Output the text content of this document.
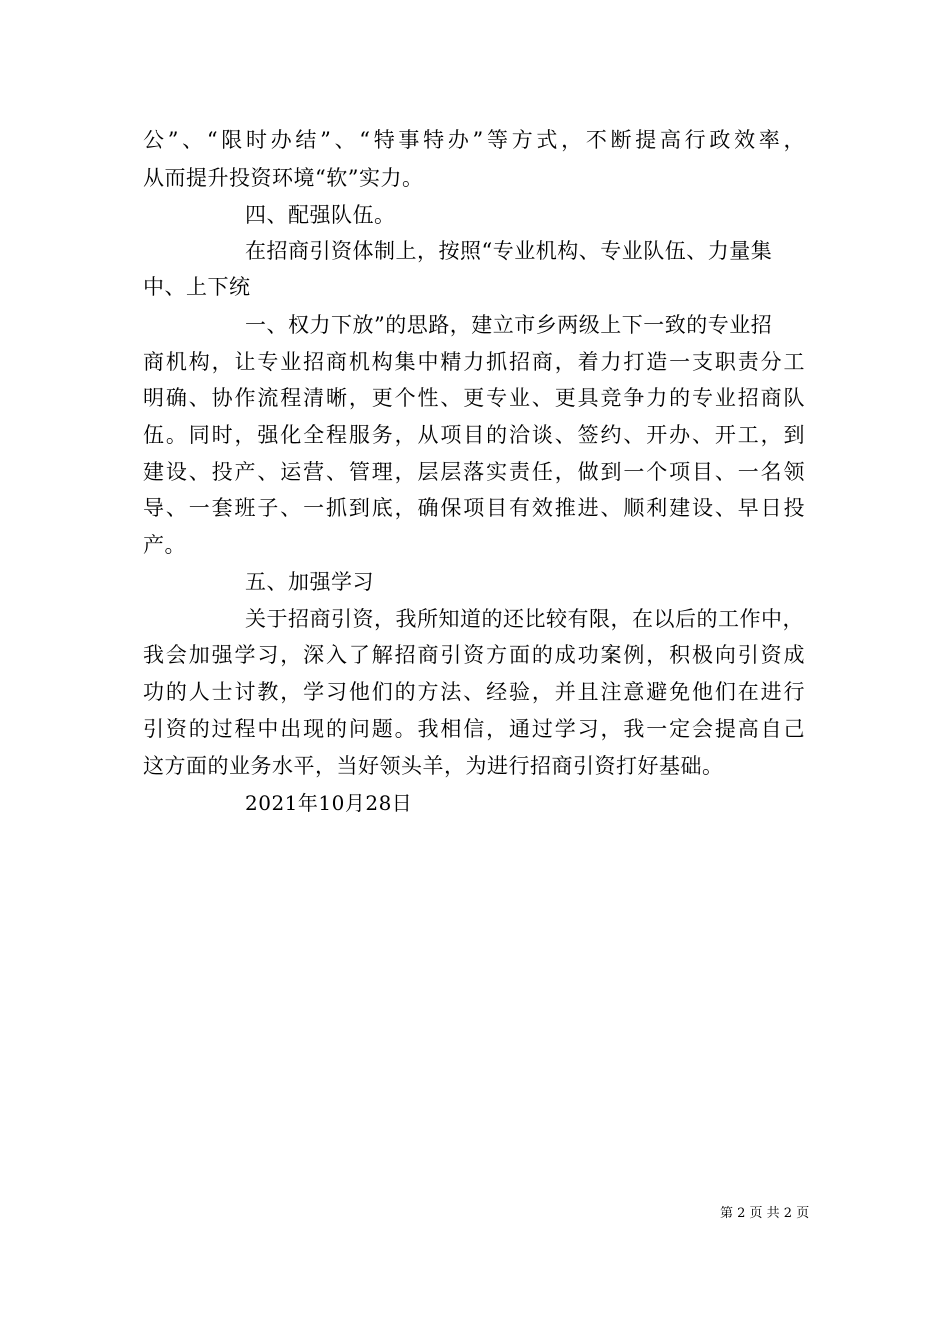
公”、“限时办结”、“特事特办”等方式，不断提高行政效率，
从而提升投资环境“软”实力。
四、配强队伍。
在招商引资体制上，按照“专业机构、专业队伍、力量集
中、上下统
一、权力下放”的思路，建立市乡两级上下一致的专业招
商机构，让专业招商机构集中精力抓招商，着力打造一支职责分工
明确、协作流程清晰，更个性、更专业、更具竞争力的专业招商队
伍。同时，强化全程服务，从项目的洽谈、签约、开办、开工，到
建设、投产、运营、管理，层层落实责任，做到一个项目、一名领
导、一套班子、一抓到底，确保项目有效推进、顺利建设、早日投
产。
五、加强学习
关于招商引资，我所知道的还比较有限，在以后的工作中，
我会加强学习，深入了解招商引资方面的成功案例，积极向引资成
功的人士讨教，学习他们的方法、经验，并且注意避免他们在进行
引资的过程中出现的问题。我相信，通过学习，我一定会提高自己
这方面的业务水平，当好领头羊，为进行招商引资打好基础。
2021年10月28日
第 2 页 共 2 页
